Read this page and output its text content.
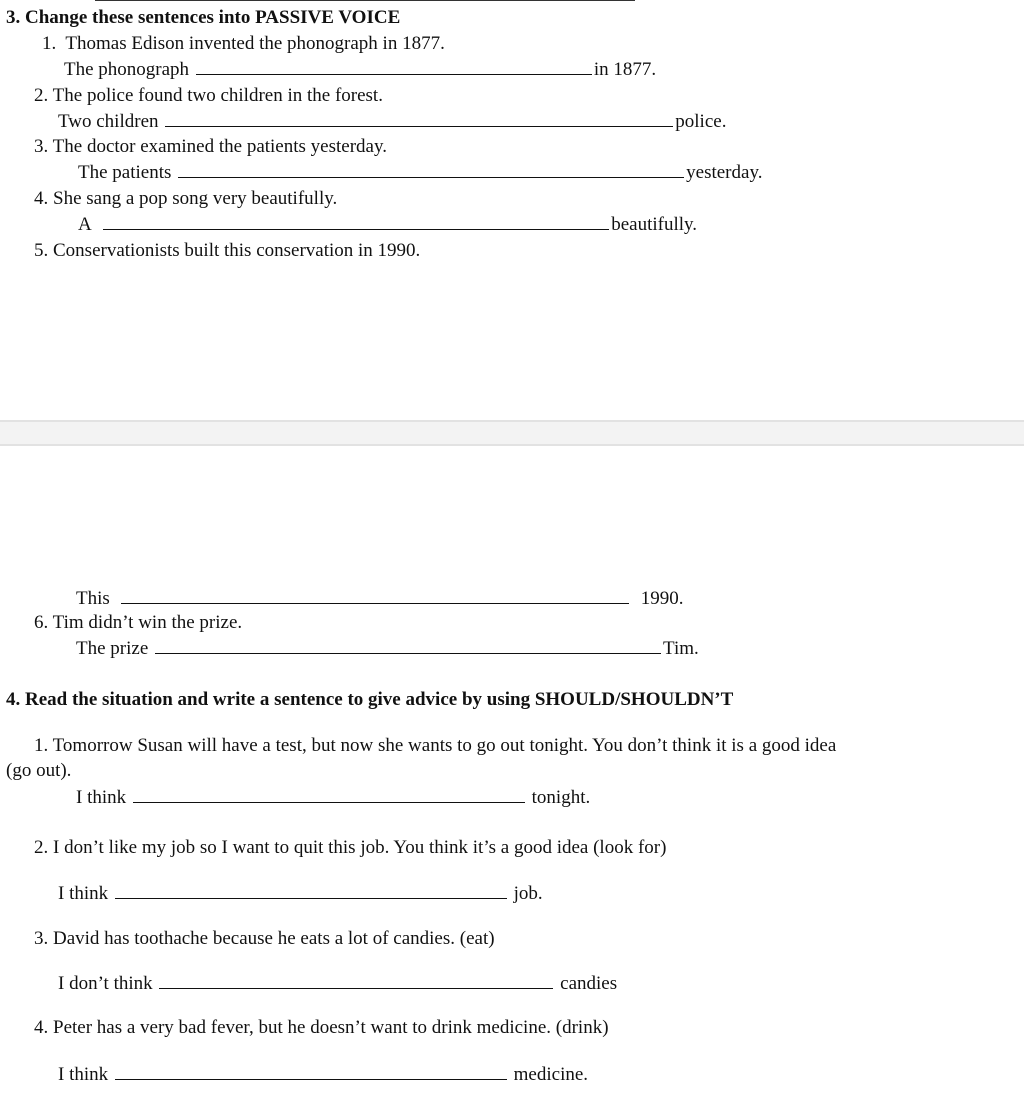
3. Change these sentences into PASSIVE VOICE
1. Thomas Edison invented the phonograph in 1877.
The phonograph	in 1877.
2. The police found two children in the forest.
Two children	police.
3. The doctor examined the patients yesterday.
The patients	yesterday.
4. She sang a pop song very beautifully.
A	beautifully.
5. Conservationists built this conservation in 1990.
This	1990.
6. Tim didn’t win the prize.
The prize	Tim.
4. Read the situation and write a sentence to give advice by using SHOULD/SHOULDN’T
1. Tomorrow Susan will have a test, but now she wants to go out tonight. You don’t think it is a good idea
(go out).
I think	tonight.
2. I don’t like my job so I want to quit this job. You think it’s a good idea (look for)
I think	job.
3. David has toothache because he eats a lot of candies. (eat)
I don’t think	candies
4. Peter has a very bad fever, but he doesn’t want to drink medicine. (drink)
I think	medicine.
